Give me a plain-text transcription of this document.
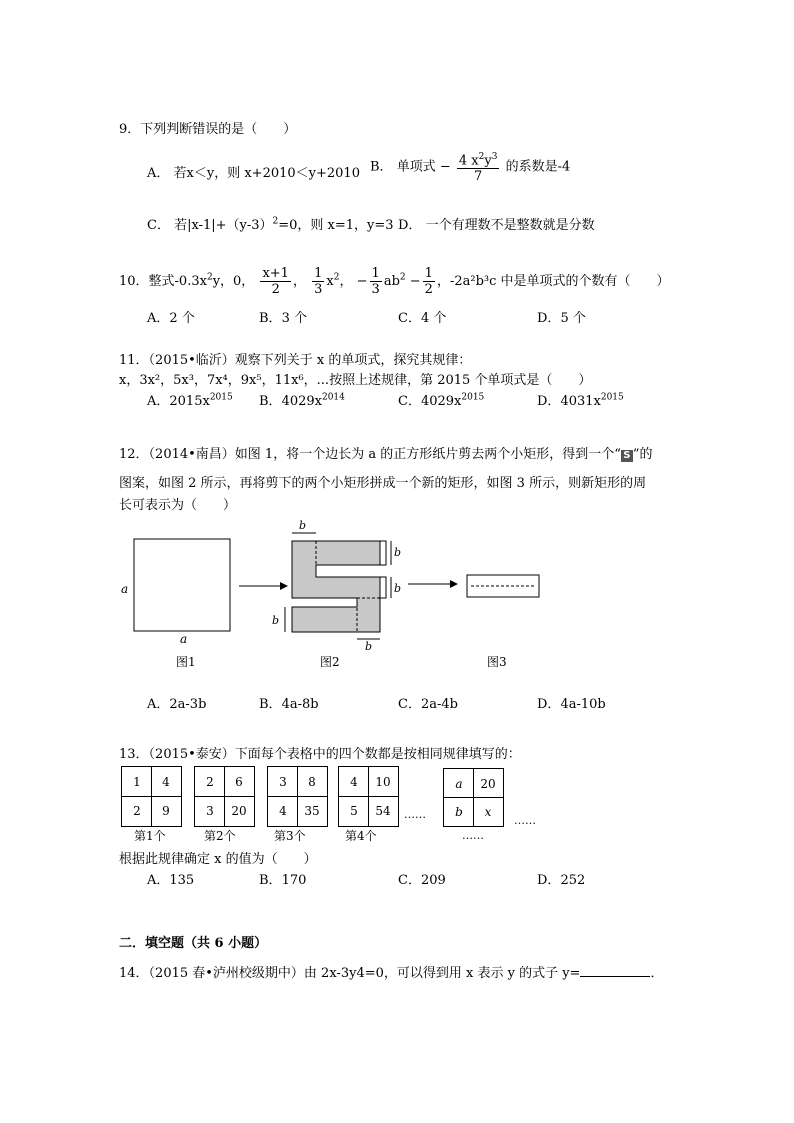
9．下列判断错误的是（　　）
A． 若x＜y，则 x+2010＜y+2010 B． 单项式 − $\frac{4 x^2y^3}{7}$ 的系数是-4
C． 若$|x-1|+(y-3)^2=0$，则 x=1，y=3 D． 一个有理数不是整数就是分数
10．整式$-0.3x^2y$，0， $\frac{x+1}{2}$ ， $\frac{1}{3} x^2$， − $\frac{1}{3} ab^2 - \frac{1}{2}$ ，-2a²b³c 中是单项式的个数有（　　）
A．2 个	B．3 个	C．4 个	D．5 个
11．（2015•临沂）观察下列关于 x 的单项式，探究其规律：
x，3x²，5x³，7x⁴，9x⁵，11x⁶，...按照上述规律，第 2015 个单项式是（　　）
A．$2015x^{2015}$ B．$4029x^{2014}$	C．$4029x^{2015}$	D．$4031x^{2015}$
12．（2014•南昌）如图 1，将一个边长为 a 的正方形纸片剪去两个小矩形，得到一个“ S ”的
图案，如图 2 所示，再将剪下的两个小矩形拼成一个新的矩形，如图 3 所示，则新矩形的周
长可表示为（　　）
a
a
b
b
b
b
b
图1	图2	图3
A．2a-3b	B．4a-8b	C．2a-4b	D．4a-10b
13．（2015•泰安）下面每个表格中的四个数都是按相同规律填写的：
1	4
2	9
2	6
3	20
3	8
4	35
4	10
5	54	……
a	20
b	x
……
第1个	第2个	第3个	第4个	……
根据此规律确定 x 的值为（　　）
A．135	B．170	C．209	D．252
二．填空题（共 6 小题）
14．（2015 春•泸州校级期中）由 2x-3y4=0，可以得到用 x 表示 y 的式子 y=	．
